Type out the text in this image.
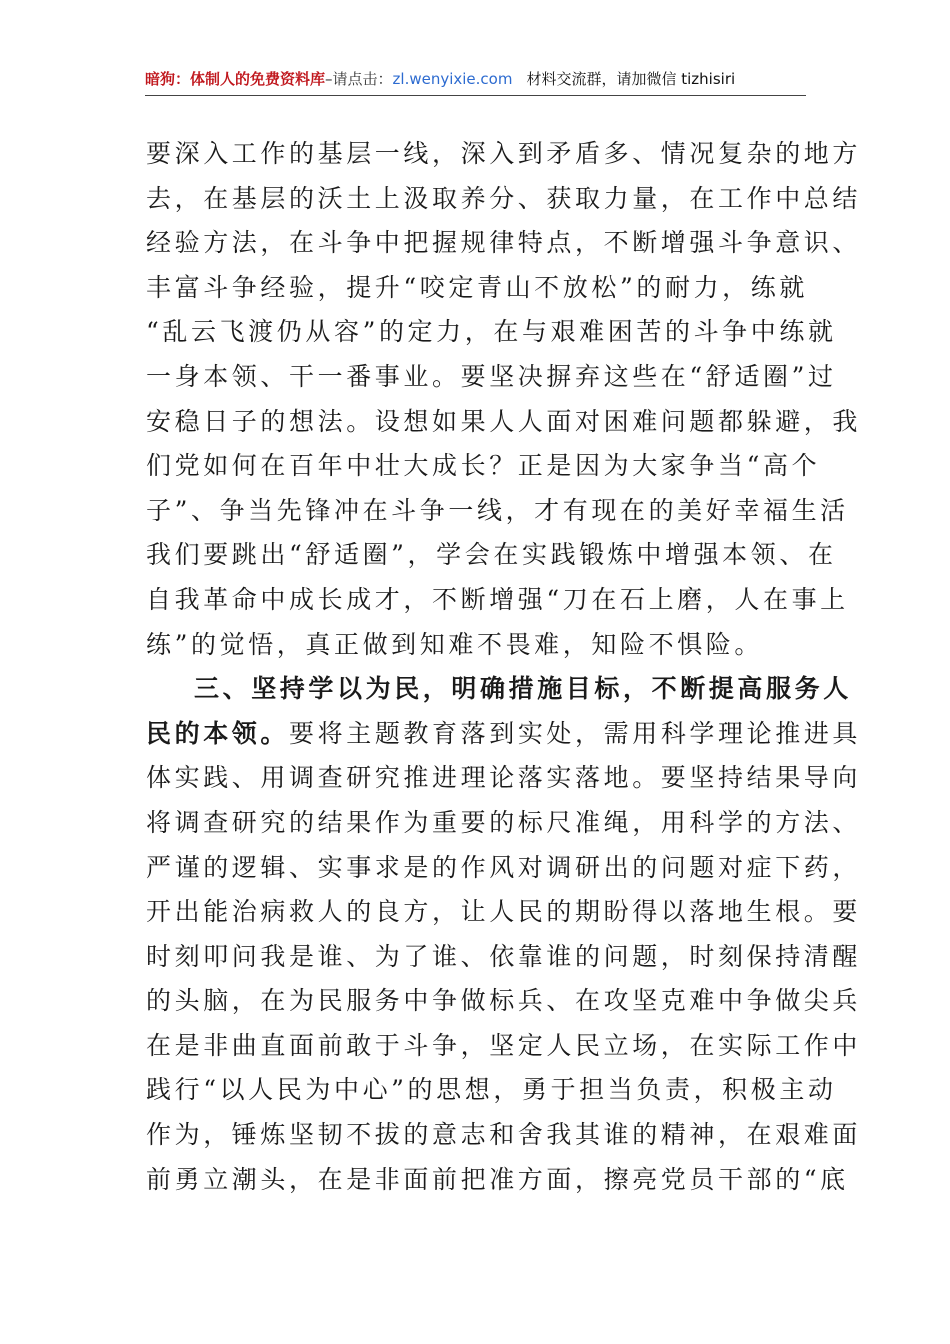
暗狗：体制人的免费资料库–请点击：zl.wenyixie.com 材料交流群，请加微信 tizhisiri
要深入工作的基层一线，深入到矛盾多、情况复杂的地方
去，在基层的沃土上汲取养分、获取力量，在工作中总结
经验方法，在斗争中把握规律特点，不断增强斗争意识、
丰富斗争经验，提升“咬定青山不放松”的耐力，练就
“乱云飞渡仍从容”的定力，在与艰难困苦的斗争中练就
一身本领、干一番事业。要坚决摒弃这些在“舒适圈”过
安稳日子的想法。设想如果人人面对困难问题都躲避，我
们党如何在百年中壮大成长？正是因为大家争当“高个
子”、争当先锋冲在斗争一线，才有现在的美好幸福生活
我们要跳出“舒适圈”，学会在实践锻炼中增强本领、在
自我革命中成长成才，不断增强“刀在石上磨，人在事上
练”的觉悟，真正做到知难不畏难，知险不惧险。
三、坚持学以为民，明确措施目标，不断提高服务人
民的本领。要将主题教育落到实处，需用科学理论推进具
体实践、用调查研究推进理论落实落地。要坚持结果导向
将调查研究的结果作为重要的标尺准绳，用科学的方法、
严谨的逻辑、实事求是的作风对调研出的问题对症下药，
开出能治病救人的良方，让人民的期盼得以落地生根。要
时刻叩问我是谁、为了谁、依靠谁的问题，时刻保持清醒
的头脑，在为民服务中争做标兵、在攻坚克难中争做尖兵
在是非曲直面前敢于斗争，坚定人民立场，在实际工作中
践行“以人民为中心”的思想，勇于担当负责，积极主动
作为，锤炼坚韧不拔的意志和舍我其谁的精神，在艰难面
前勇立潮头，在是非面前把准方面，擦亮党员干部的“底
